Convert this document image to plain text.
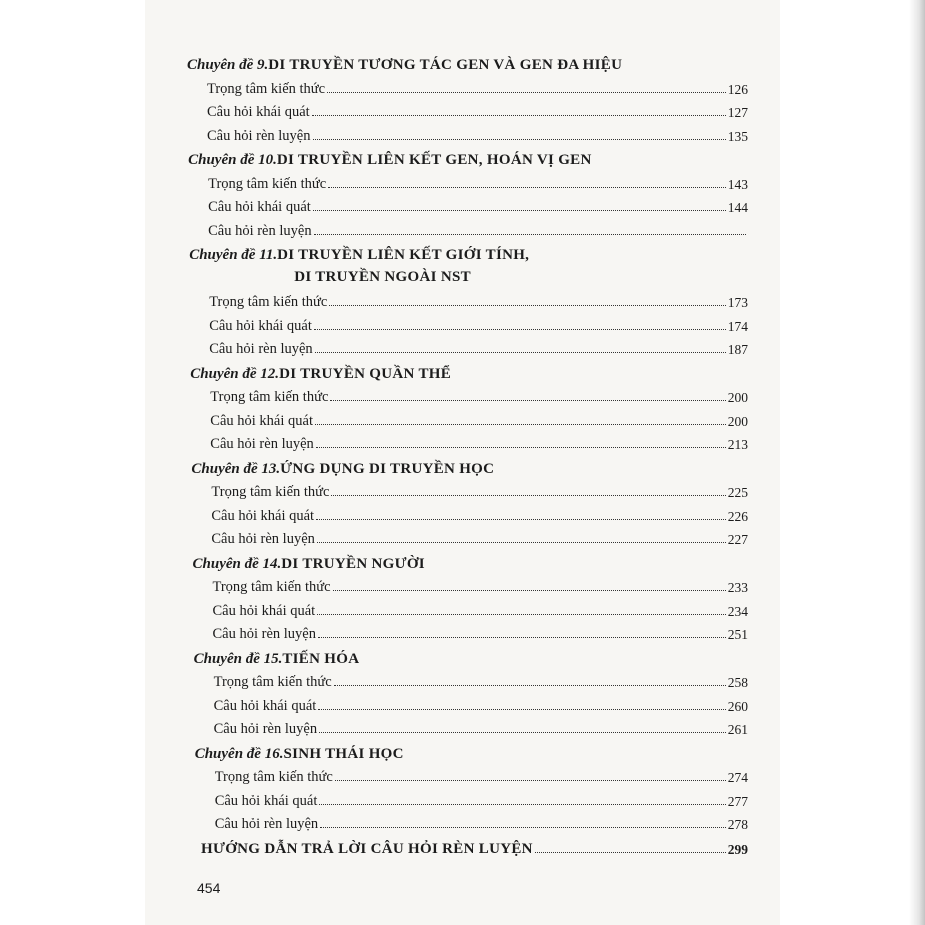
Chuyên đề 9. DI TRUYỀN TƯƠNG TÁC GEN VÀ GEN ĐA HIỆU
Trọng tâm kiến thức	126
Câu hỏi khái quát	127
Câu hỏi rèn luyện	135
Chuyên đề 10. DI TRUYỀN LIÊN KẾT GEN, HOÁN VỊ GEN
Trọng tâm kiến thức	143
Câu hỏi khái quát	144
Câu hỏi rèn luyện
Chuyên đề 11. DI TRUYỀN LIÊN KẾT GIỚI TÍNH,
DI TRUYỀN NGOÀI NST
Trọng tâm kiến thức	173
Câu hỏi khái quát	174
Câu hỏi rèn luyện	187
Chuyên đề 12. DI TRUYỀN QUẦN THỂ
Trọng tâm kiến thức	200
Câu hỏi khái quát	200
Câu hỏi rèn luyện	213
Chuyên đề 13. ỨNG DỤNG DI TRUYỀN HỌC
Trọng tâm kiến thức	225
Câu hỏi khái quát	226
Câu hỏi rèn luyện	227
Chuyên đề 14. DI TRUYỀN NGƯỜI
Trọng tâm kiến thức	233
Câu hỏi khái quát	234
Câu hỏi rèn luyện	251
Chuyên đề 15. TIẾN HÓA
Trọng tâm kiến thức	258
Câu hỏi khái quát	260
Câu hỏi rèn luyện	261
Chuyên đề 16. SINH THÁI HỌC
Trọng tâm kiến thức	274
Câu hỏi khái quát	277
Câu hỏi rèn luyện	278
HƯỚNG DẪN TRẢ LỜI CÂU HỎI RÈN LUYỆN	299
454
